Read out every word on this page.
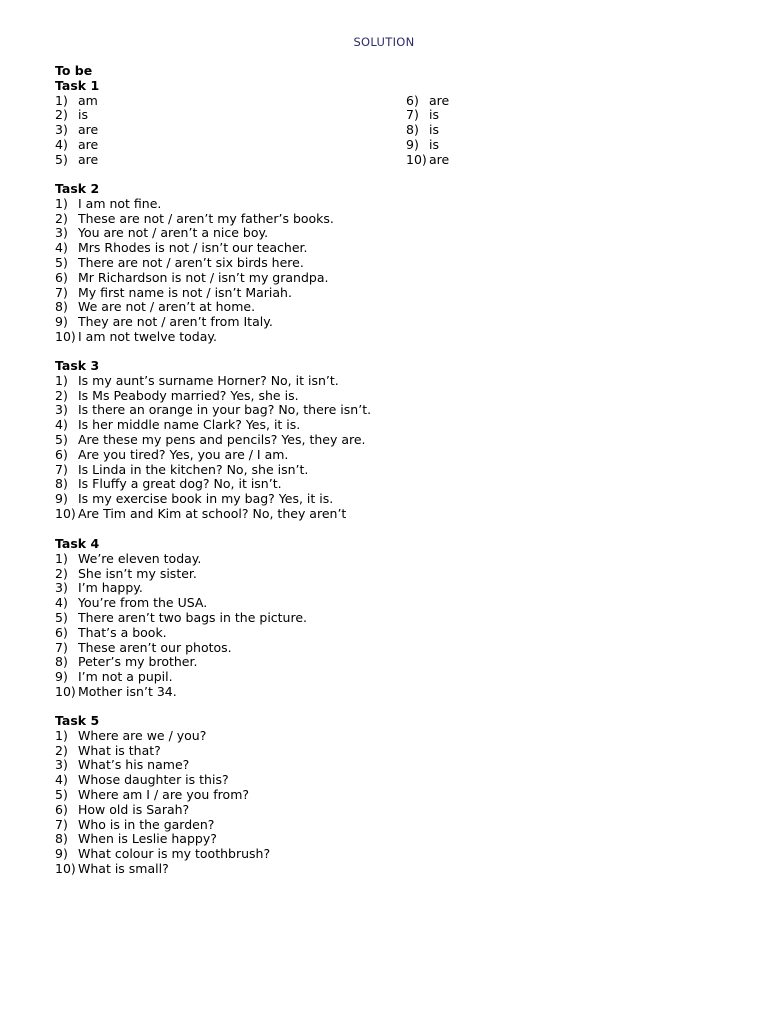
SOLUTION
To be
Task 1
1) am
2) is
3) are
4) are
5) are
6) are
7) is
8) is
9) is
10) are
Task 2
1) I am not fine.
2) These are not / aren’t my father’s books.
3) You are not / aren’t a nice boy.
4) Mrs Rhodes is not / isn’t our teacher.
5) There are not / aren’t six birds here.
6) Mr Richardson is not / isn’t my grandpa.
7) My first name is not / isn’t Mariah.
8) We are not / aren’t at home.
9) They are not / aren’t from Italy.
10) I am not twelve today.
Task 3
1) Is my aunt’s surname Horner? No, it isn’t.
2) Is Ms Peabody married? Yes, she is.
3) Is there an orange in your bag? No, there isn’t.
4) Is her middle name Clark? Yes, it is.
5) Are these my pens and pencils? Yes, they are.
6) Are you tired? Yes, you are / I am.
7) Is Linda in the kitchen? No, she isn’t.
8) Is Fluffy a great dog? No, it isn’t.
9) Is my exercise book in my bag? Yes, it is.
10) Are Tim and Kim at school? No, they aren’t
Task 4
1) We’re eleven today.
2) She isn’t my sister.
3) I’m happy.
4) You’re from the USA.
5) There aren’t two bags in the picture.
6) That’s a book.
7) These aren’t our photos.
8) Peter’s my brother.
9) I’m not a pupil.
10) Mother isn’t 34.
Task 5
1) Where are we / you?
2) What is that?
3) What’s his name?
4) Whose daughter is this?
5) Where am I / are you from?
6) How old is Sarah?
7) Who is in the garden?
8) When is Leslie happy?
9) What colour is my toothbrush?
10) What is small?
